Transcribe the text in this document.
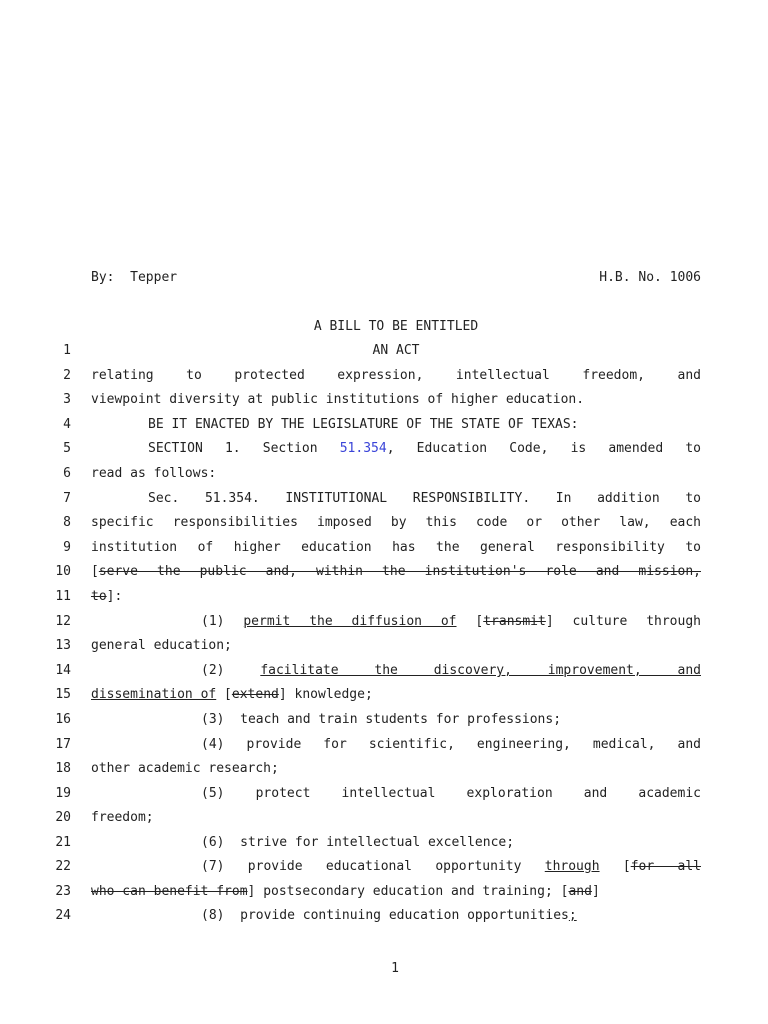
By:  Tepper	H.B. No. 1006
A BILL TO BE ENTITLED
1	AN ACT
2 relating to protected expression, intellectual freedom, and
3 viewpoint diversity at public institutions of higher education.
4	BE IT ENACTED BY THE LEGISLATURE OF THE STATE OF TEXAS:
5	SECTION 1. Section 51.354, Education Code, is amended to
6 read as follows:
7	Sec. 51.354. INSTITUTIONAL RESPONSIBILITY. In addition to
8 specific responsibilities imposed by this code or other law, each
9 institution of higher education has the general responsibility to
10 [serve the public and, within the institution's role and mission,
11 to]:
12	(1) permit the diffusion of [transmit] culture through
13 general education;
14	(2) facilitate the discovery, improvement, and
15 dissemination of [extend] knowledge;
16	(3)  teach and train students for professions;
17	(4) provide for scientific, engineering, medical, and
18 other academic research;
19	(5) protect intellectual exploration and academic
20 freedom;
21	(6)  strive for intellectual excellence;
22	(7) provide educational opportunity through [for all
23 who can benefit from] postsecondary education and training; [and]
24	(8)  provide continuing education opportunities;
1
